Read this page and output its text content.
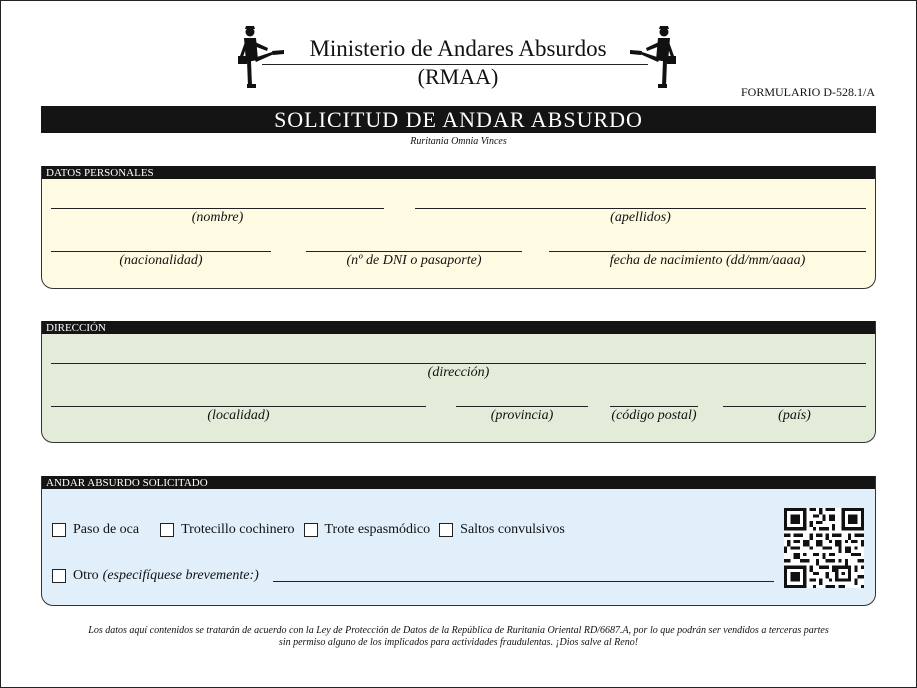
Ministerio de Andares Absurdos
(RMAA)
FORMULARIO D-528.1/A
SOLICITUD DE ANDAR ABSURDO
Ruritania Omnia Vinces
DATOS PERSONALES
(nombre)	(apellidos)
(nacionalidad)	(nº de DNI o pasaporte)	fecha de nacimiento (dd/mm/aaaa)
DIRECCIÓN
(dirección)
(localidad)	(provincia)	(código postal)	(país)
ANDAR ABSURDO SOLICITADO
Paso de oca	Trotecillo cochinero Trote espasmódico Saltos convulsivos
Otro (especifíquese brevemente:)
Los datos aquí contenidos se tratarán de acuerdo con la Ley de Protección de Datos de la República de Ruritania Oriental RD/6687.A, por lo que podrán ser vendidos a terceras partes
sin permiso alguno de los implicados para actividades fraudulentas. ¡Dios salve al Reno!
